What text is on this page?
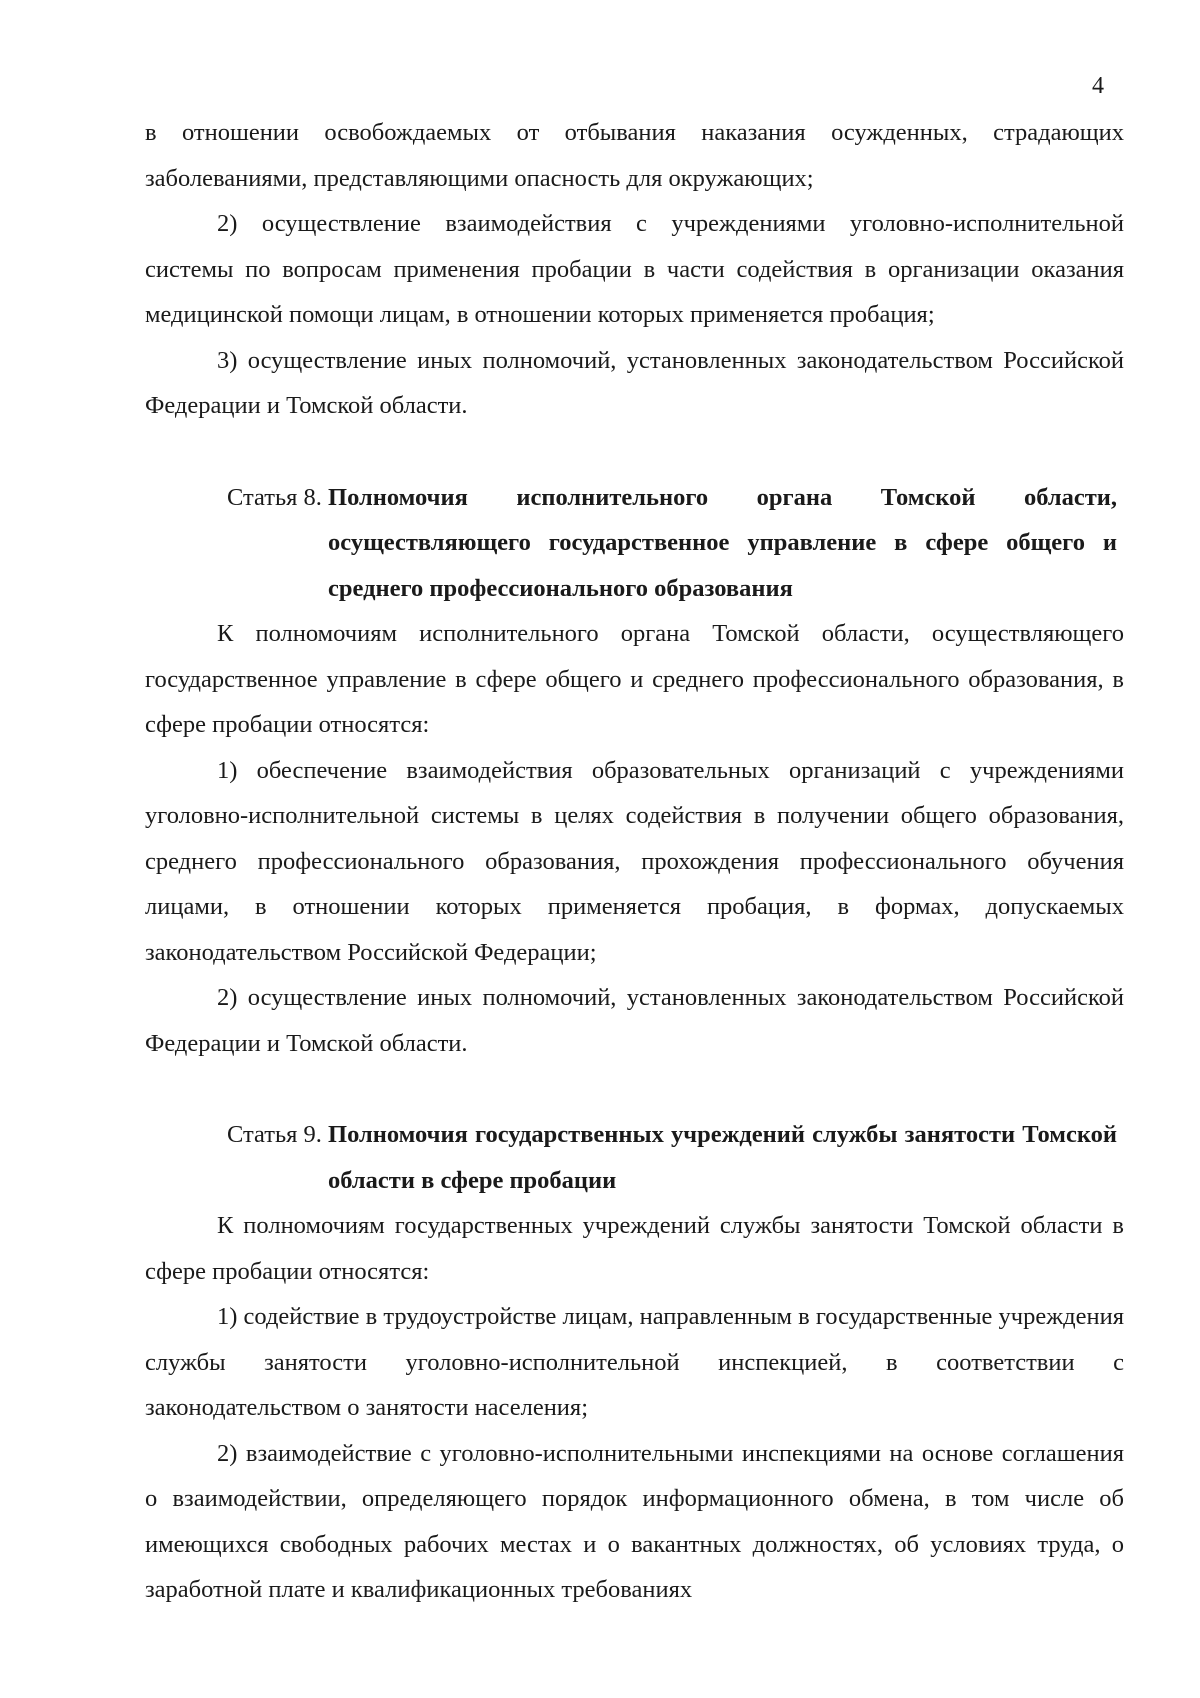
4

в отношении освобождаемых от отбывания наказания осужденных, страдающих заболеваниями, представляющими опасность для окружающих;

2) осуществление взаимодействия с учреждениями уголовно-исполнительной системы по вопросам применения пробации в части содействия в организации оказания медицинской помощи лицам, в отношении которых применяется пробация;

3) осуществление иных полномочий, установленных законодательством Российской Федерации и Томской области.

Статья 8. Полномочия исполнительного органа Томской области, осуществляющего государственное управление в сфере общего и среднего профессионального образования

К полномочиям исполнительного органа Томской области, осуществляющего государственное управление в сфере общего и среднего профессионального образования, в сфере пробации относятся:

1) обеспечение взаимодействия образовательных организаций с учреждениями уголовно-исполнительной системы в целях содействия в получении общего образования, среднего профессионального образования, прохождения профессионального обучения лицами, в отношении которых применяется пробация, в формах, допускаемых законодательством Российской Федерации;

2) осуществление иных полномочий, установленных законодательством Российской Федерации и Томской области.

Статья 9. Полномочия государственных учреждений службы занятости Томской области в сфере пробации

К полномочиям государственных учреждений службы занятости Томской области в сфере пробации относятся:

1) содействие в трудоустройстве лицам, направленным в государственные учреждения службы занятости уголовно-исполнительной инспекцией, в соответствии с законодательством о занятости населения;

2) взаимодействие с уголовно-исполнительными инспекциями на основе соглашения о взаимодействии, определяющего порядок информационного обмена, в том числе об имеющихся свободных рабочих местах и о вакантных должностях, об условиях труда, о заработной плате и квалификационных требованиях
